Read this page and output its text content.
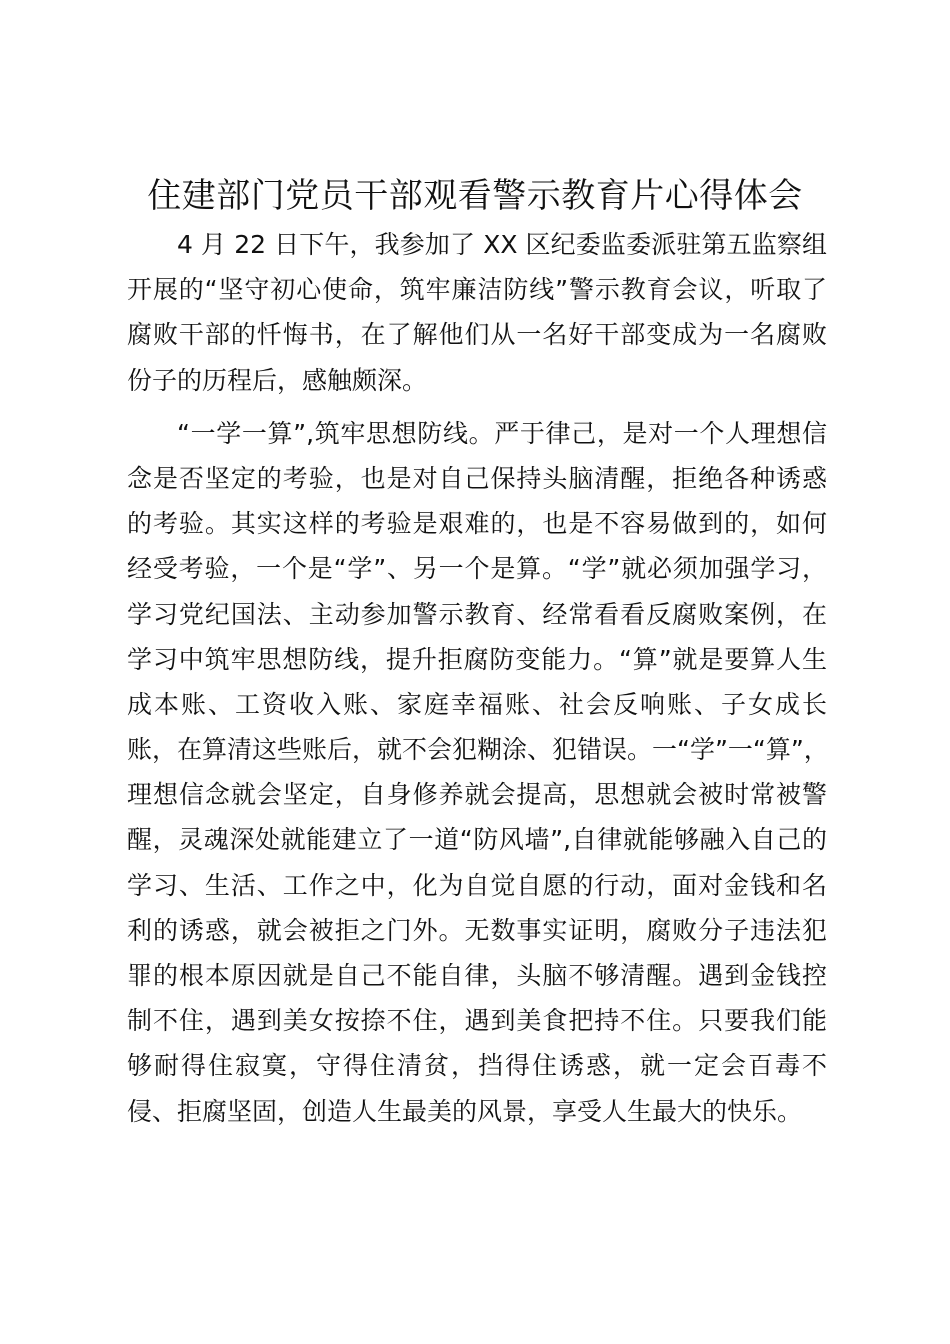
住建部门党员干部观看警示教育片心得体会
4 月 22 日下午，我参加了 XX 区纪委监委派驻第五监察组
开展的“坚守初心使命，筑牢廉洁防线”警示教育会议，听取了
腐败干部的忏悔书，在了解他们从一名好干部变成为一名腐败
份子的历程后，感触颇深。
“一学一算”,筑牢思想防线。严于律己，是对一个人理想信
念是否坚定的考验，也是对自己保持头脑清醒，拒绝各种诱惑
的考验。其实这样的考验是艰难的，也是不容易做到的，如何
经受考验，一个是“学”、另一个是算。“学”就必须加强学习，
学习党纪国法、主动参加警示教育、经常看看反腐败案例，在
学习中筑牢思想防线，提升拒腐防变能力。“算”就是要算人生
成本账、工资收入账、家庭幸福账、社会反响账、子女成长
账，在算清这些账后，就不会犯糊涂、犯错误。一“学”一“算”，
理想信念就会坚定，自身修养就会提高，思想就会被时常被警
醒，灵魂深处就能建立了一道“防风墙”,自律就能够融入自己的
学习、生活、工作之中，化为自觉自愿的行动，面对金钱和名
利的诱惑，就会被拒之门外。无数事实证明，腐败分子违法犯
罪的根本原因就是自己不能自律，头脑不够清醒。遇到金钱控
制不住，遇到美女按捺不住，遇到美食把持不住。只要我们能
够耐得住寂寞，守得住清贫，挡得住诱惑，就一定会百毒不
侵、拒腐坚固，创造人生最美的风景，享受人生最大的快乐。
